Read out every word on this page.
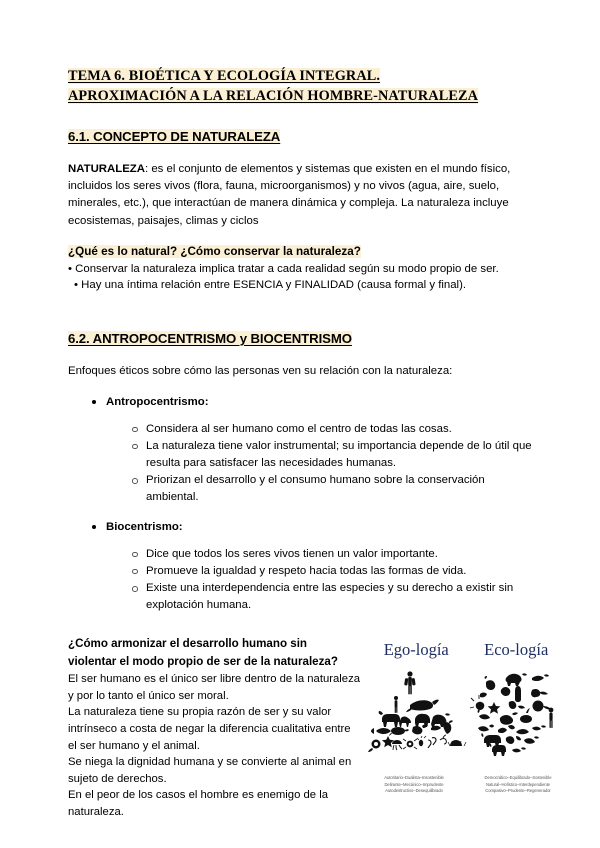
TEMA 6. BIOÉTICA Y ECOLOGÍA INTEGRAL.
APROXIMACIÓN A LA RELACIÓN HOMBRE-NATURALEZA
6.1. CONCEPTO DE NATURALEZA

NATURALEZA: es el conjunto de elementos y sistemas que existen en el mundo físico, incluidos los seres vivos (flora, fauna, microorganismos) y no vivos (agua, aire, suelo, minerales, etc.), que interactúan de manera dinámica y compleja. La naturaleza incluye ecosistemas, paisajes, climas y ciclos

¿Qué es lo natural? ¿Cómo conservar la naturaleza?

• Conservar la naturaleza implica tratar a cada realidad según su modo propio de ser.

• Hay una íntima relación entre ESENCIA y FINALIDAD (causa formal y final).

6.2. ANTROPOCENTRISMO y BIOCENTRISMO

Enfoques éticos sobre cómo las personas ven su relación con la naturaleza:

Antropocentrismo:
Considera al ser humano como el centro de todas las cosas.
La naturaleza tiene valor instrumental; su importancia depende de lo útil que resulta para satisfacer las necesidades humanas.
Priorizan el desarrollo y el consumo humano sobre la conservación ambiental.
Biocentrismo:
Dice que todos los seres vivos tienen un valor importante.
Promueve la igualdad y respeto hacia todas las formas de vida.
Existe una interdependencia entre las especies y su derecho a existir sin explotación humana.

¿Cómo armonizar el desarrollo humano sin

violentar el modo propio de ser de la naturaleza?

El ser humano es el único ser libre dentro de la naturaleza y por lo tanto el único ser moral.

La naturaleza tiene su propia razón de ser y su valor intrínseco a costa de negar la diferencia cualitativa entre el ser humano y el animal.

Se niega la dignidad humana y se convierte al animal en sujeto de derechos.

En el peor de los casos el hombre es enemigo de la naturaleza.

Ego-logía Eco-logía
Autoritario–Dualista–Insostenible
Delirante–Mecánico–Imprudente
Autodestructivo–Desequilibrado
Democrático–Equilibrado–Sostenible
Natural–Holístico–Interdependiente
Compasivo–Prudente–Regenerador
